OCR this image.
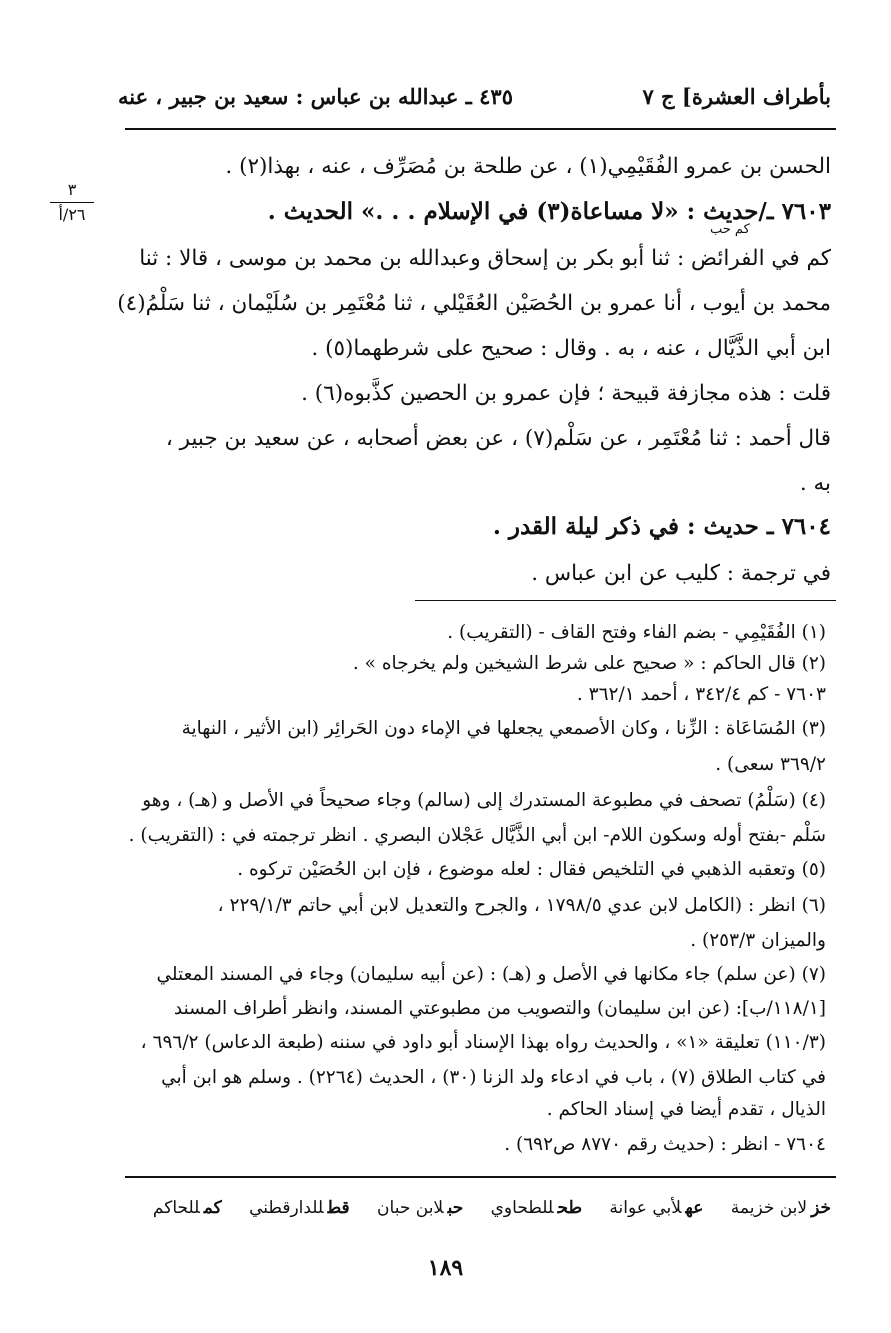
بأطراف العشرة] ج ٧
٤٣٥ ـ عبدالله بن عباس : سعيد بن جبير ، عنه
٣
٢٦/أ
كم حب
الحسن بن عمرو الفُقَيْمِي(١) ، عن طلحة بن مُصَرِّف ، عنه ، بهذا(٢) .
٧٦٠٣ ـ/حديث : «لا مساعاة(٣) في الإسلام . . .» الحديث .
كم في الفرائض : ثنا أبو بكر بن إسحاق وعبدالله بن محمد بن موسى ، قالا : ثنا
محمد بن أيوب ، أنا عمرو بن الحُصَيْن العُقَيْلي ، ثنا مُعْتَمِر بن سُلَيْمان ، ثنا سَلْمُ(٤)
ابن أبي الذَّيَّال ، عنه ، به . وقال : صحيح على شرطهما(٥) .
قلت : هذه مجازفة قبيحة ؛ فإن عمرو بن الحصين كذَّبوه(٦) .
قال أحمد : ثنا مُعْتَمِر ، عن سَلْم(٧) ، عن بعض أصحابه ، عن سعيد بن جبير ،
به .
٧٦٠٤ ـ حديث : في ذكر ليلة القدر .
في ترجمة : كليب عن ابن عباس .
(١) الفُقَيْمِي - بضم الفاء وفتح القاف - (التقريب) .
(٢) قال الحاكم : « صحيح على شرط الشيخين ولم يخرجاه » .
٧٦٠٣ - كم ٣٤٢/٤ ، أحمد ٣٦٢/١ .
(٣) المُسَاعَاة : الزِّنا ، وكان الأصمعي يجعلها في الإماء دون الحَرائِر (ابن الأثير ، النهاية
٣٦٩/٢ سعى) .
(٤) (سَلْمُ) تصحف في مطبوعة المستدرك إلى (سالم) وجاء صحيحاً في الأصل و (هـ) ، وهو
سَلْم -بفتح أوله وسكون اللام- ابن أبي الذَّيَّال عَجْلان البصري . انظر ترجمته في : (التقريب) .
(٥) وتعقبه الذهبي في التلخيص فقال : لعله موضوع ، فإن ابن الحُصَيْن تركوه .
(٦) انظر : (الكامل لابن عدي ١٧٩٨/٥ ، والجرح والتعديل لابن أبي حاتم ٢٢٩/١/٣ ،
والميزان ٢٥٣/٣) .
(٧) (عن سلم) جاء مكانها في الأصل و (هـ) : (عن أبيه سليمان) وجاء في المسند المعتلي
[١١٨/١/ب]: (عن ابن سليمان) والتصويب من مطبوعتي المسند، وانظر أطراف المسند
(١١٠/٣) تعليقة «١» ، والحديث رواه بهذا الإسناد أبو داود في سننه (طبعة الدعاس) ٦٩٦/٢ ،
في كتاب الطلاق (٧) ، باب في ادعاء ولد الزنا (٣٠) ، الحديث (٢٢٦٤) . وسلم هو ابن أبي
الذيال ، تقدم أيضا في إسناد الحاكم .
٧٦٠٤ - انظر : (حديث رقم ٨٧٧٠ ص٦٩٢) .
خزلابن خزيمة عهلأبي عوانة طحللطحاوي حبلابن حبان قطللدارقطني كمللحاكم
١٨٩
